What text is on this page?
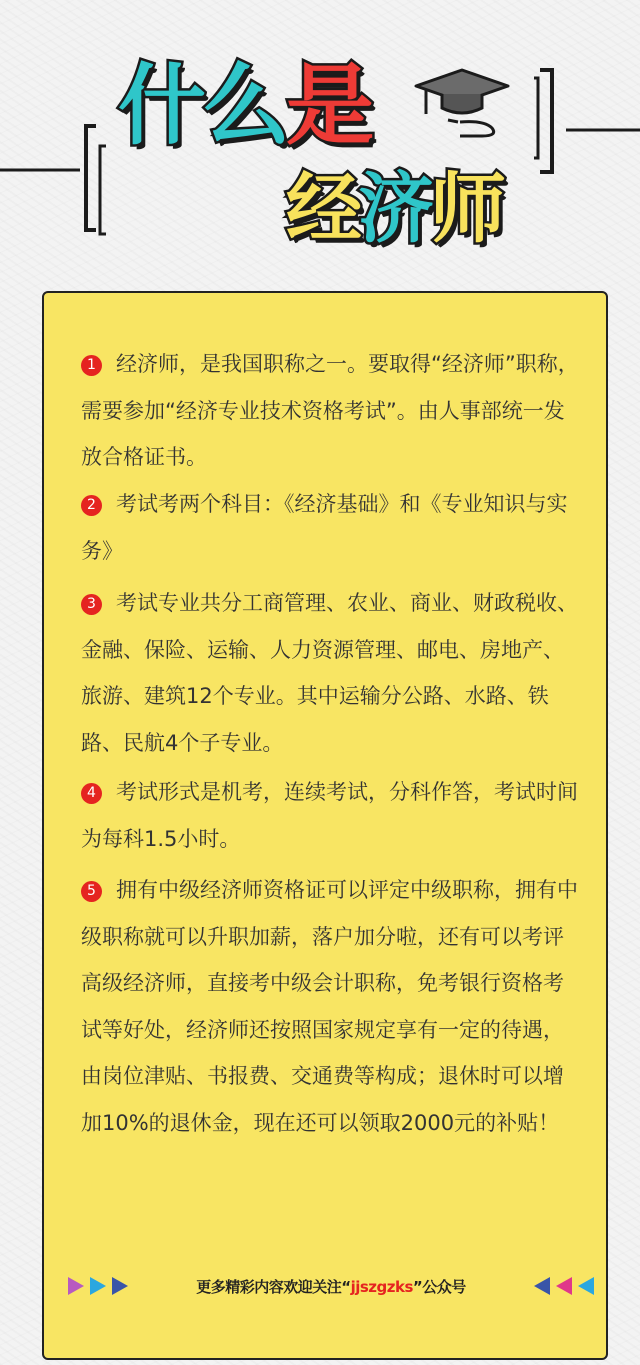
什么是
经济师

1 经济师，是我国职称之一。要取得“经济师”职称，需要参加“经济专业技术资格考试”。由人事部统一发放合格证书。

2 考试考两个科目：《经济基础》和《专业知识与实务》

3 考试专业共分工商管理、农业、商业、财政税收、金融、保险、运输、人力资源管理、邮电、房地产、旅游、建筑12个专业。其中运输分公路、水路、铁路、民航4个子专业。

4 考试形式是机考，连续考试，分科作答，考试时间为每科1.5小时。

5 拥有中级经济师资格证可以评定中级职称，拥有中级职称就可以升职加薪，落户加分啦，还有可以考评高级经济师，直接考中级会计职称，免考银行资格考试等好处，经济师还按照国家规定享有一定的待遇，由岗位津贴、书报费、交通费等构成；退休时可以增加10%的退休金，现在还可以领取2000元的补贴！

更多精彩内容欢迎关注“jjszgzks”公众号
